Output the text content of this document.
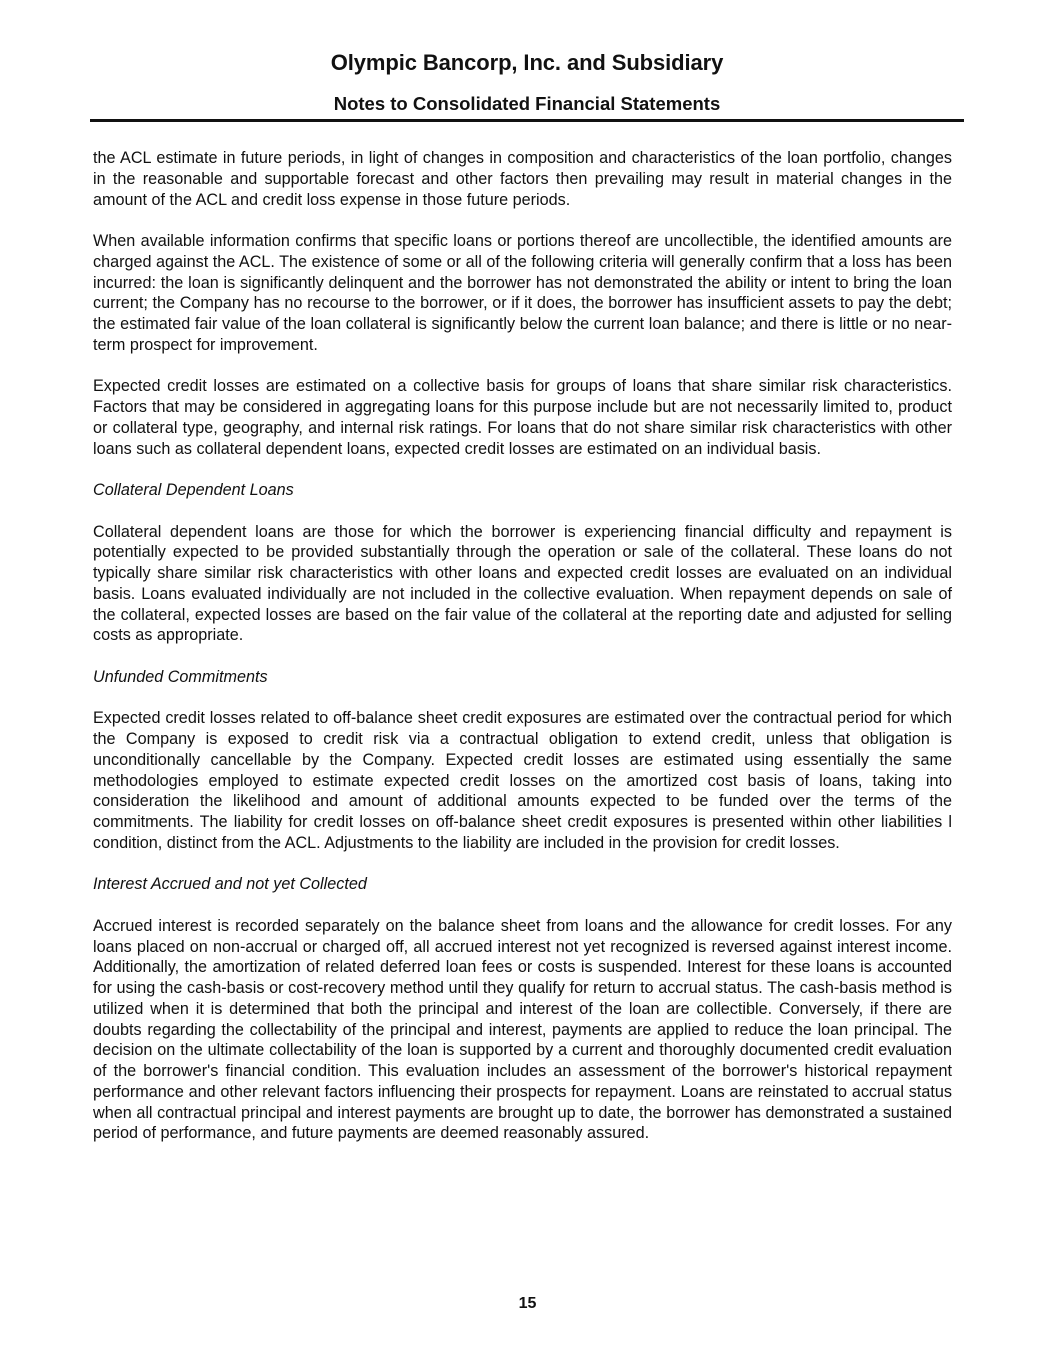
Olympic Bancorp, Inc. and Subsidiary
Notes to Consolidated Financial Statements

the ACL estimate in future periods, in light of changes in composition and characteristics of the loan portfolio, changes in the reasonable and supportable forecast and other factors then prevailing may result in material changes in the amount of the ACL and credit loss expense in those future periods.

When available information confirms that specific loans or portions thereof are uncollectible, the identified amounts are charged against the ACL. The existence of some or all of the following criteria will generally confirm that a loss has been incurred: the loan is significantly delinquent and the borrower has not demonstrated the ability or intent to bring the loan current; the Company has no recourse to the borrower, or if it does, the borrower has insufficient assets to pay the debt; the estimated fair value of the loan collateral is significantly below the current loan balance; and there is little or no near-term prospect for improvement.

Expected credit losses are estimated on a collective basis for groups of loans that share similar risk characteristics. Factors that may be considered in aggregating loans for this purpose include but are not necessarily limited to, product or collateral type, geography, and internal risk ratings. For loans that do not share similar risk characteristics with other loans such as collateral dependent loans, expected credit losses are estimated on an individual basis.

Collateral Dependent Loans

Collateral dependent loans are those for which the borrower is experiencing financial difficulty and repayment is potentially expected to be provided substantially through the operation or sale of the collateral. These loans do not typically share similar risk characteristics with other loans and expected credit losses are evaluated on an individual basis. Loans evaluated individually are not included in the collective evaluation. When repayment depends on sale of the collateral, expected losses are based on the fair value of the collateral at the reporting date and adjusted for selling costs as appropriate.

Unfunded Commitments

Expected credit losses related to off-balance sheet credit exposures are estimated over the contractual period for which the Company is exposed to credit risk via a contractual obligation to extend credit, unless that obligation is unconditionally cancellable by the Company. Expected credit losses are estimated using essentially the same methodologies employed to estimate expected credit losses on the amortized cost basis of loans, taking into consideration the likelihood and amount of additional amounts expected to be funded over the terms of the commitments. The liability for credit losses on off-balance sheet credit exposures is presented within other liabilities l condition, distinct from the ACL. Adjustments to the liability are included in the provision for credit losses.

Interest Accrued and not yet Collected

Accrued interest is recorded separately on the balance sheet from loans and the allowance for credit losses. For any loans placed on non-accrual or charged off, all accrued interest not yet recognized is reversed against interest income. Additionally, the amortization of related deferred loan fees or costs is suspended. Interest for these loans is accounted for using the cash-basis or cost-recovery method until they qualify for return to accrual status. The cash-basis method is utilized when it is determined that both the principal and interest of the loan are collectible. Conversely, if there are doubts regarding the collectability of the principal and interest, payments are applied to reduce the loan principal. The decision on the ultimate collectability of the loan is supported by a current and thoroughly documented credit evaluation of the borrower's financial condition. This evaluation includes an assessment of the borrower's historical repayment performance and other relevant factors influencing their prospects for repayment. Loans are reinstated to accrual status when all contractual principal and interest payments are brought up to date, the borrower has demonstrated a sustained period of performance, and future payments are deemed reasonably assured.

15
